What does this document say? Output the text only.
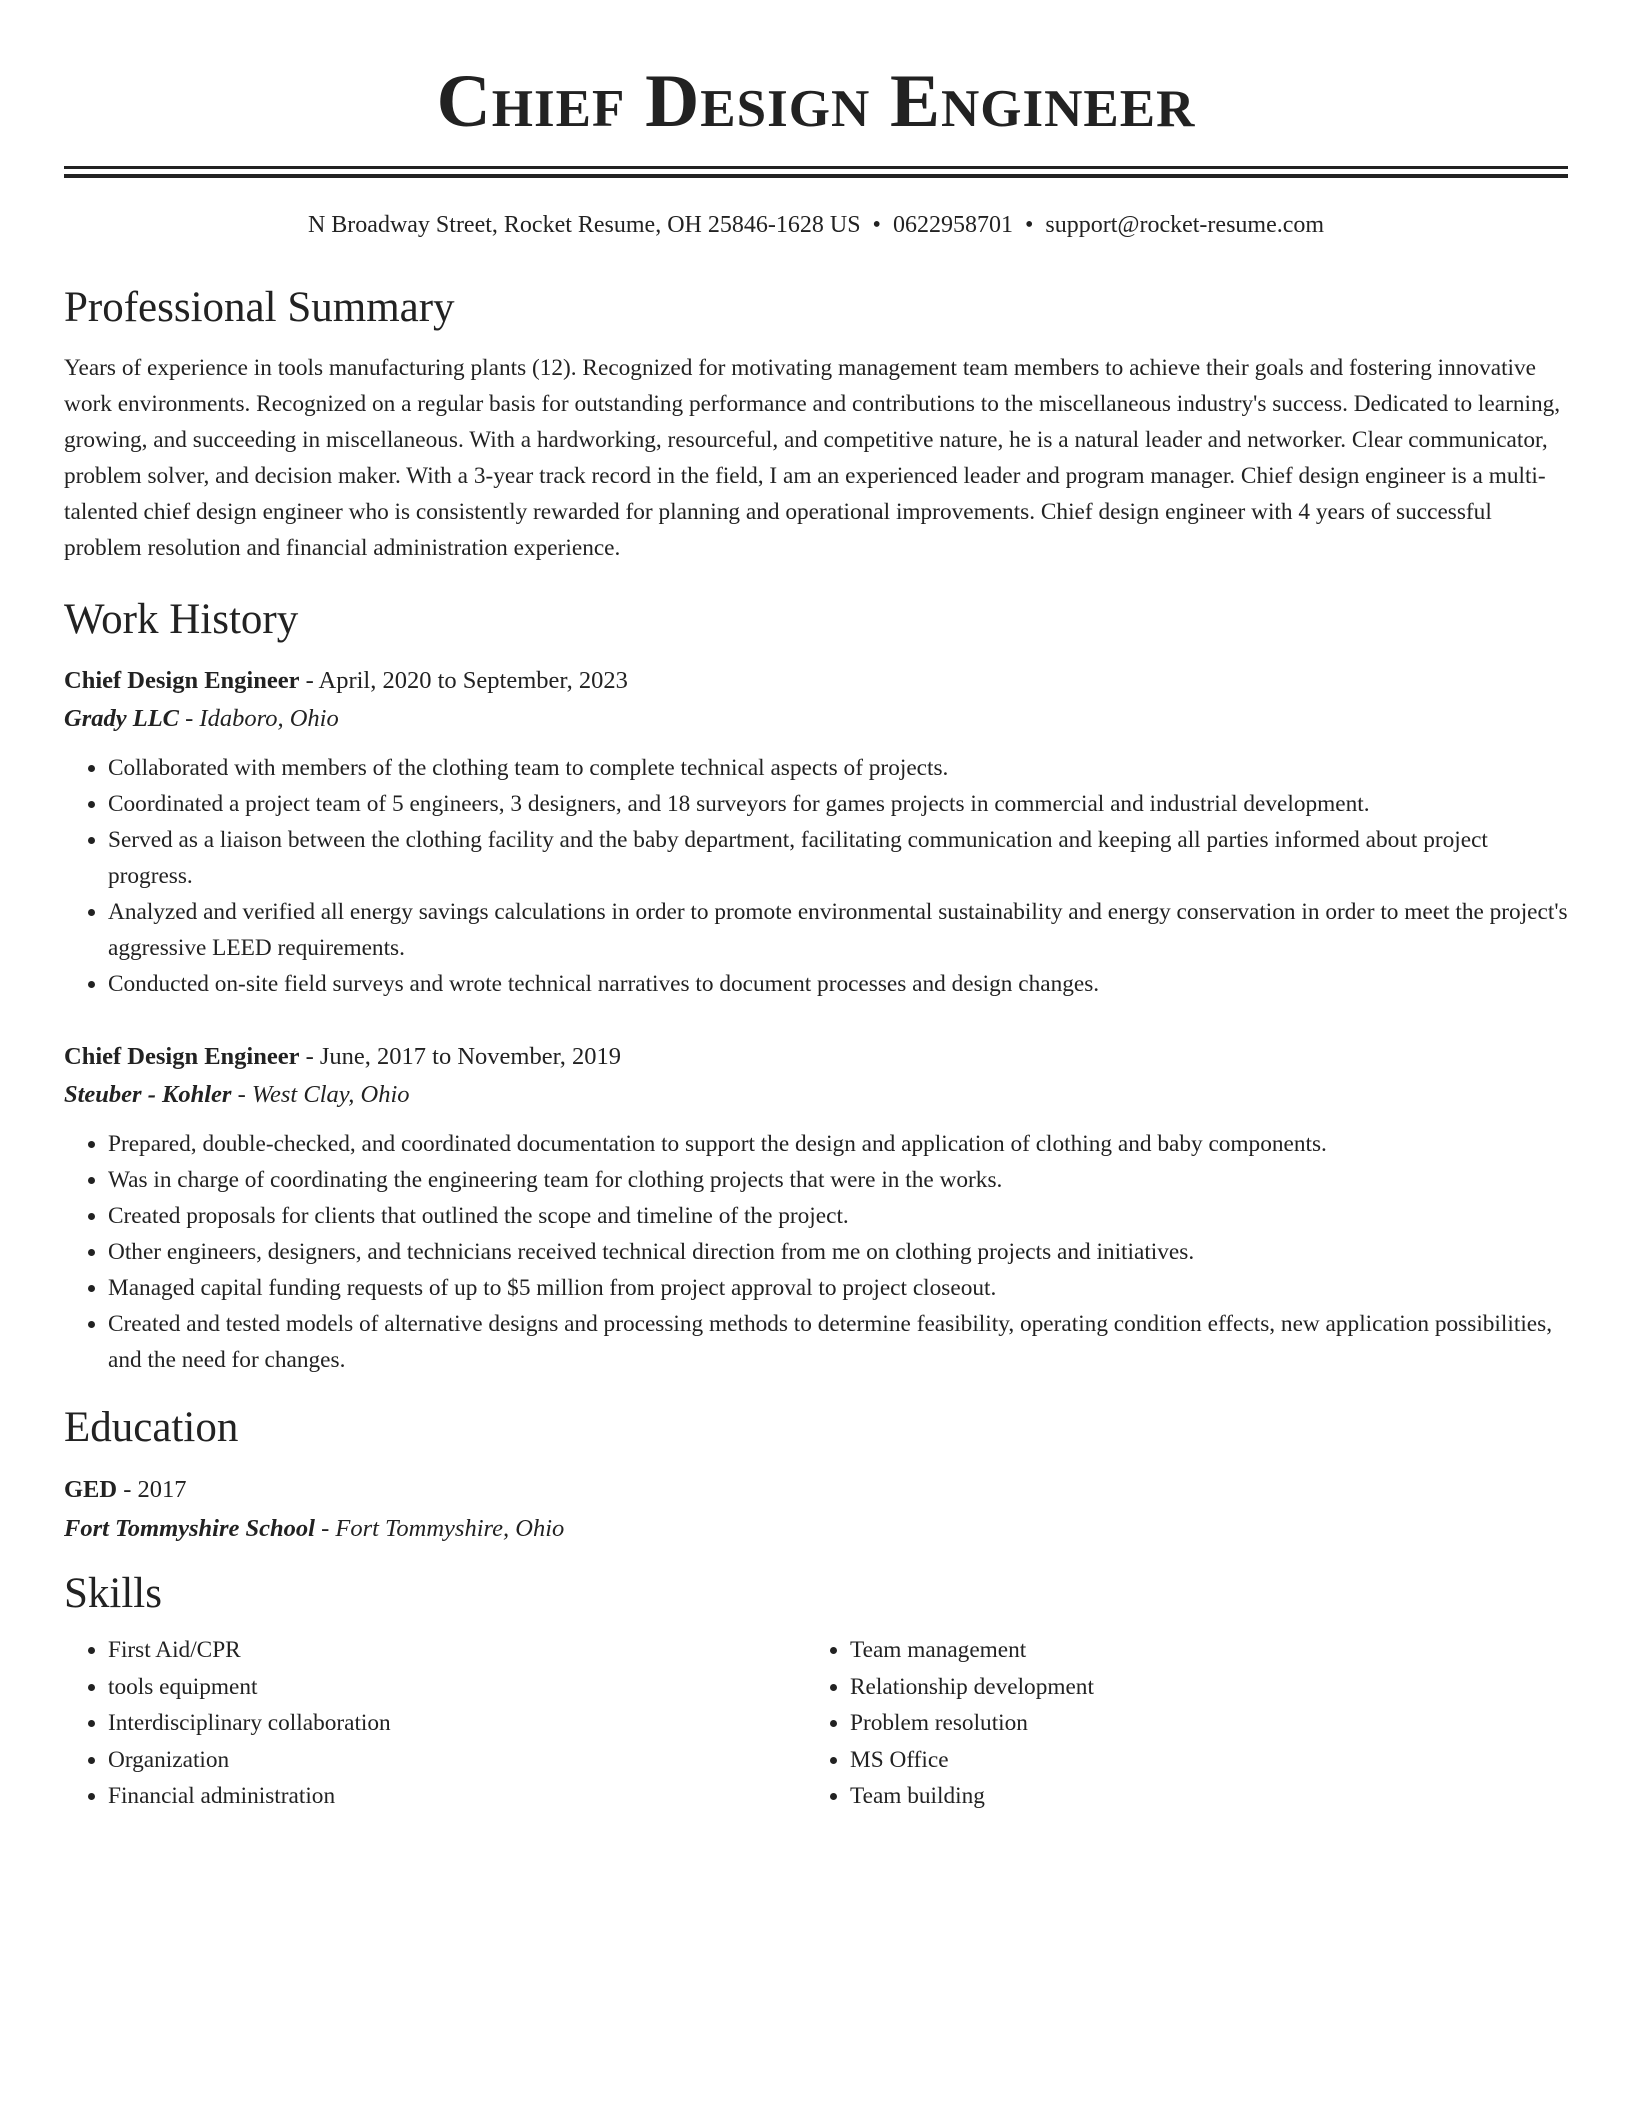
Chief Design Engineer
N Broadway Street, Rocket Resume, OH 25846-1628 US • 0622958701 • support@rocket-resume.com
Professional Summary
Years of experience in tools manufacturing plants (12). Recognized for motivating management team members to achieve their goals and fostering innovative work environments. Recognized on a regular basis for outstanding performance and contributions to the miscellaneous industry's success. Dedicated to learning, growing, and succeeding in miscellaneous. With a hardworking, resourceful, and competitive nature, he is a natural leader and networker. Clear communicator, problem solver, and decision maker. With a 3-year track record in the field, I am an experienced leader and program manager. Chief design engineer is a multi-talented chief design engineer who is consistently rewarded for planning and operational improvements. Chief design engineer with 4 years of successful problem resolution and financial administration experience.
Work History
Chief Design Engineer - April, 2020 to September, 2023
Grady LLC - Idaboro, Ohio
• Collaborated with members of the clothing team to complete technical aspects of projects.
• Coordinated a project team of 5 engineers, 3 designers, and 18 surveyors for games projects in commercial and industrial development.
• Served as a liaison between the clothing facility and the baby department, facilitating communication and keeping all parties informed about project progress.
• Analyzed and verified all energy savings calculations in order to promote environmental sustainability and energy conservation in order to meet the project's aggressive LEED requirements.
• Conducted on-site field surveys and wrote technical narratives to document processes and design changes.
Chief Design Engineer - June, 2017 to November, 2019
Steuber - Kohler - West Clay, Ohio
• Prepared, double-checked, and coordinated documentation to support the design and application of clothing and baby components.
• Was in charge of coordinating the engineering team for clothing projects that were in the works.
• Created proposals for clients that outlined the scope and timeline of the project.
• Other engineers, designers, and technicians received technical direction from me on clothing projects and initiatives.
• Managed capital funding requests of up to $5 million from project approval to project closeout.
• Created and tested models of alternative designs and processing methods to determine feasibility, operating condition effects, new application possibilities, and the need for changes.
Education
GED - 2017
Fort Tommyshire School - Fort Tommyshire, Ohio
Skills
• First Aid/CPR
• tools equipment
• Interdisciplinary collaboration
• Organization
• Financial administration
• Team management
• Relationship development
• Problem resolution
• MS Office
• Team building
